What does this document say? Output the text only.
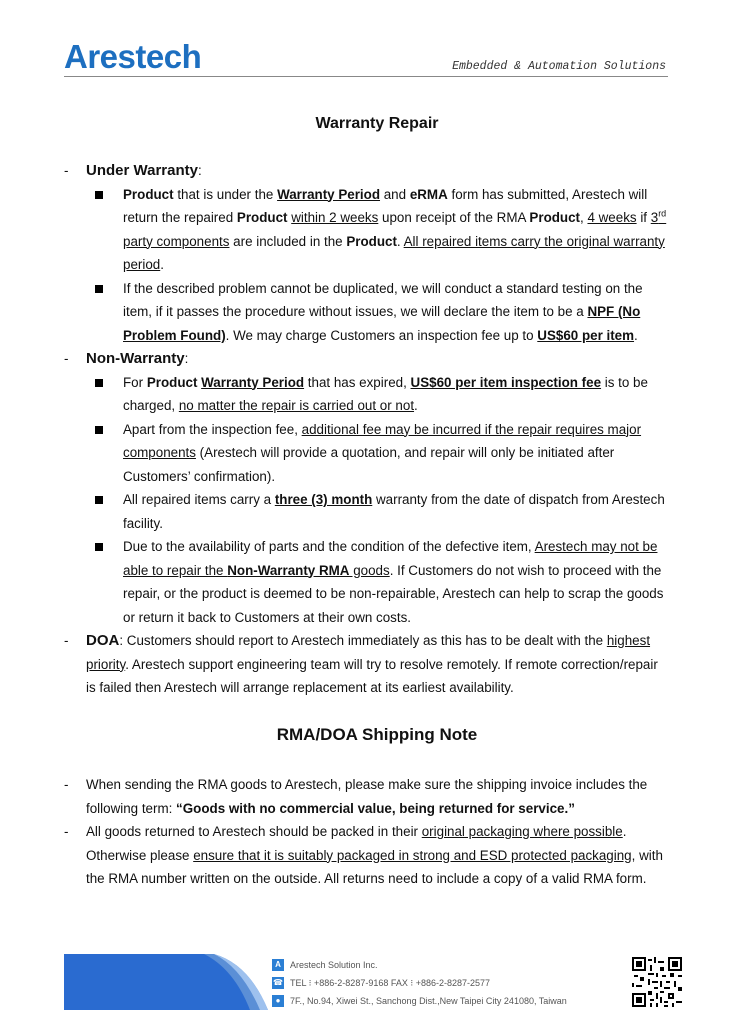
Arestech	Embedded & Automation Solutions
Warranty Repair
- Under Warranty:
Product that is under the Warranty Period and eRMA form has submitted, Arestech will return the repaired Product within 2 weeks upon receipt of the RMA Product, 4 weeks if 3rd party components are included in the Product. All repaired items carry the original warranty period.
If the described problem cannot be duplicated, we will conduct a standard testing on the item, if it passes the procedure without issues, we will declare the item to be a NPF (No Problem Found). We may charge Customers an inspection fee up to US$60 per item.
- Non-Warranty:
For Product Warranty Period that has expired, US$60 per item inspection fee is to be charged, no matter the repair is carried out or not.
Apart from the inspection fee, additional fee may be incurred if the repair requires major components (Arestech will provide a quotation, and repair will only be initiated after Customers’ confirmation).
All repaired items carry a three (3) month warranty from the date of dispatch from Arestech facility.
Due to the availability of parts and the condition of the defective item, Arestech may not be able to repair the Non-Warranty RMA goods. If Customers do not wish to proceed with the repair, or the product is deemed to be non-repairable, Arestech can help to scrap the goods or return it back to Customers at their own costs.
- DOA: Customers should report to Arestech immediately as this has to be dealt with the highest priority. Arestech support engineering team will try to resolve remotely. If remote correction/repair is failed then Arestech will arrange replacement at its earliest availability.
RMA/DOA Shipping Note
- When sending the RMA goods to Arestech, please make sure the shipping invoice includes the following term: “Goods with no commercial value, being returned for service.”
- All goods returned to Arestech should be packed in their original packaging where possible. Otherwise please ensure that it is suitably packaged in strong and ESD protected packaging, with the RMA number written on the outside. All returns need to include a copy of a valid RMA form.
A	Arestech Solution Inc.
☎ TEL ⁝ +886-2-8287-9168 FAX ⁝ +886-2-8287-2577
●	7F., No.94, Xiwei St., Sanchong Dist.,New Taipei City 241080, Taiwan
